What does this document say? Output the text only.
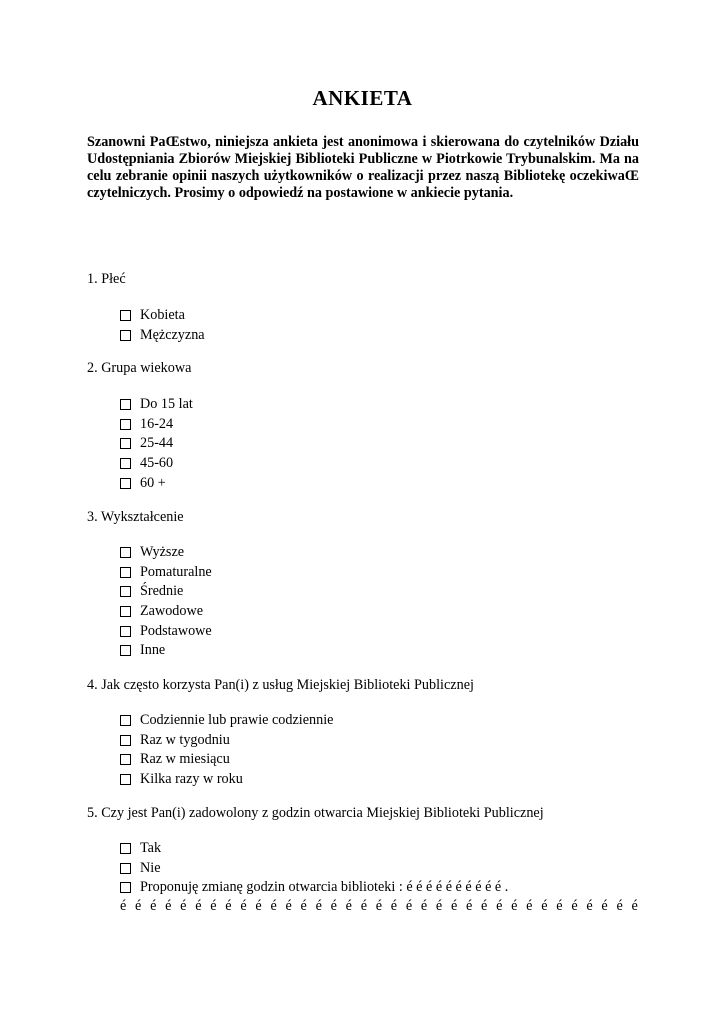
ANKIETA

Szanowni PaŒstwo, niniejsza ankieta jest anonimowa i skierowana do czytelników Działu Udostępniania Zbiorów Miejskiej Biblioteki Publiczne w Piotrkowie Trybunalskim. Ma na celu zebranie opinii naszych użytkowników o realizacji przez naszą Bibliotekę oczekiwaŒ czytelniczych. Prosimy o odpowiedź na postawione w ankiecie pytania.

1. Płeć
Kobieta
Mężczyzna
2. Grupa wiekowa
Do 15 lat
16-24
25-44
45-60
60 +
3. Wykształcenie
Wyższe
Pomaturalne
Średnie
Zawodowe
Podstawowe
Inne
4. Jak często korzysta Pan(i) z usług Miejskiej Biblioteki Publicznej
Codziennie lub prawie codziennie
Raz w tygodniu
Raz w miesiącu
Kilka razy w roku
5. Czy jest Pan(i) zadowolony z godzin otwarcia Miejskiej Biblioteki Publicznej
Tak
Nie
Proponuję zmianę godzin otwarcia biblioteki : é é é é é é é é é é .
é é é é é é é é é é é é é é é é é é é é é é é é é é é é é é é é é é é
